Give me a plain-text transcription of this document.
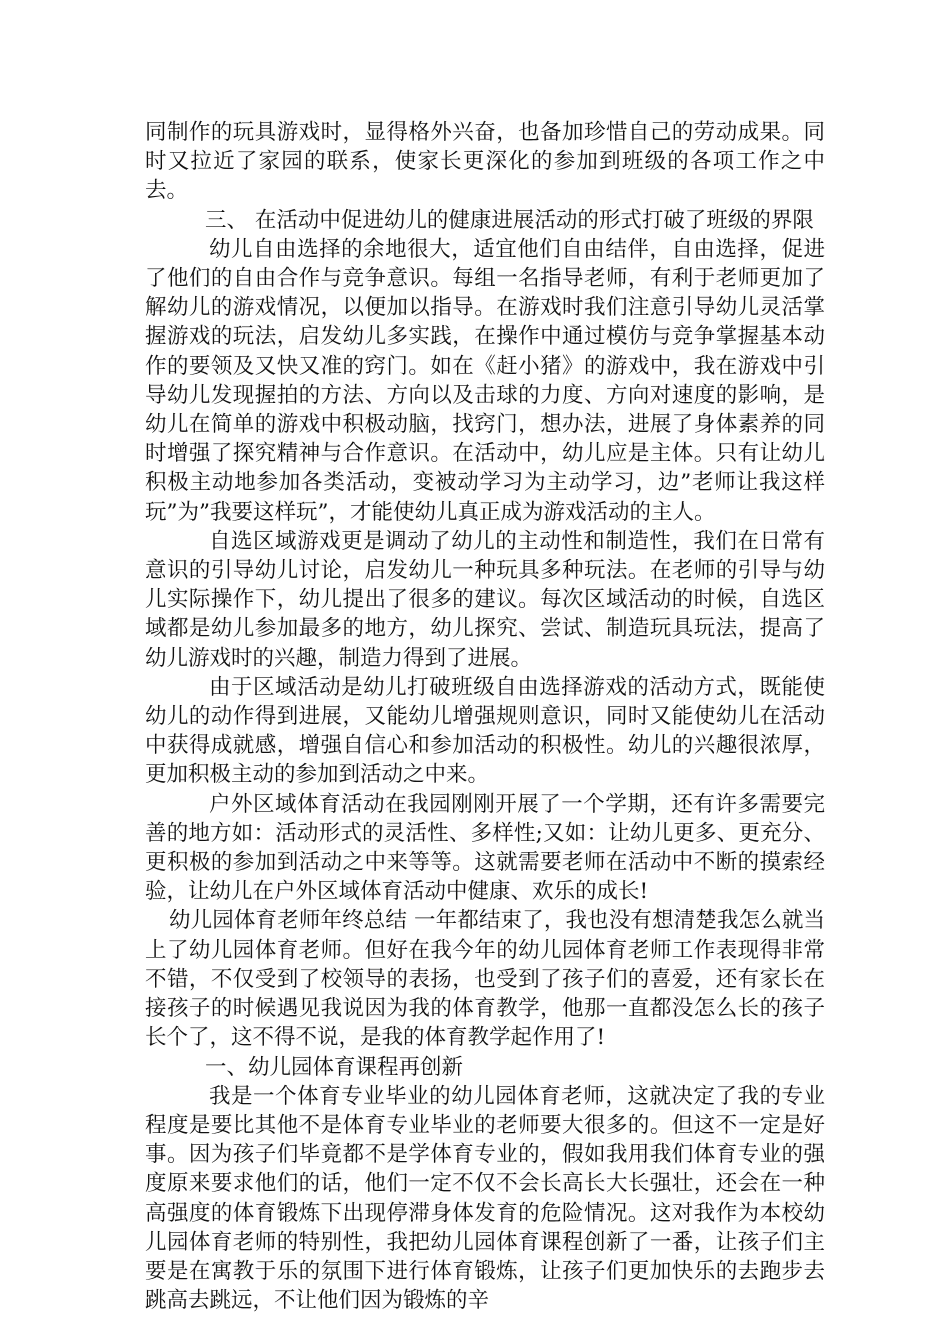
同制作的玩具游戏时，显得格外兴奋，也备加珍惜自己的劳动成果。同时又拉近了家园的联系，使家长更深化的参加到班级的各项工作之中去。

三、 在活动中促进幼儿的健康进展活动的形式打破了班级的界限

幼儿自由选择的余地很大，适宜他们自由结伴，自由选择，促进了他们的自由合作与竞争意识。每组一名指导老师，有利于老师更加了解幼儿的游戏情况，以便加以指导。在游戏时我们注意引导幼儿灵活掌握游戏的玩法，启发幼儿多实践，在操作中通过模仿与竞争掌握基本动作的要领及又快又准的窍门。如在《赶小猪》的游戏中，我在游戏中引导幼儿发现握拍的方法、方向以及击球的力度、方向对速度的影响，是幼儿在简单的游戏中积极动脑，找窍门，想办法，进展了身体素养的同时增强了探究精神与合作意识。在活动中，幼儿应是主体。只有让幼儿积极主动地参加各类活动，变被动学习为主动学习，边”老师让我这样玩”为”我要这样玩”，才能使幼儿真正成为游戏活动的主人。

自选区域游戏更是调动了幼儿的主动性和制造性，我们在日常有意识的引导幼儿讨论，启发幼儿一种玩具多种玩法。在老师的引导与幼儿实际操作下，幼儿提出了很多的建议。每次区域活动的时候，自选区域都是幼儿参加最多的地方，幼儿探究、尝试、制造玩具玩法，提高了幼儿游戏时的兴趣，制造力得到了进展。

由于区域活动是幼儿打破班级自由选择游戏的活动方式，既能使幼儿的动作得到进展，又能幼儿增强规则意识，同时又能使幼儿在活动中获得成就感，增强自信心和参加活动的积极性。幼儿的兴趣很浓厚，更加积极主动的参加到活动之中来。

户外区域体育活动在我园刚刚开展了一个学期，还有许多需要完善的地方如：活动形式的灵活性、多样性;又如：让幼儿更多、更充分、更积极的参加到活动之中来等等。这就需要老师在活动中不断的摸索经验，让幼儿在户外区域体育活动中健康、欢乐的成长!

幼儿园体育老师年终总结 一年都结束了，我也没有想清楚我怎么就当上了幼儿园体育老师。但好在我今年的幼儿园体育老师工作表现得非常不错，不仅受到了校领导的表扬，也受到了孩子们的喜爱，还有家长在接孩子的时候遇见我说因为我的体育教学，他那一直都没怎么长的孩子长个了，这不得不说，是我的体育教学起作用了!

一、幼儿园体育课程再创新

我是一个体育专业毕业的幼儿园体育老师，这就决定了我的专业程度是要比其他不是体育专业毕业的老师要大很多的。但这不一定是好事。因为孩子们毕竟都不是学体育专业的，假如我用我们体育专业的强度原来要求他们的话，他们一定不仅不会长高长大长强壮，还会在一种高强度的体育锻炼下出现停滞身体发育的危险情况。这对我作为本校幼儿园体育老师的特别性，我把幼儿园体育课程创新了一番，让孩子们主要是在寓教于乐的氛围下进行体育锻炼，让孩子们更加快乐的去跑步去跳高去跳远，不让他们因为锻炼的辛
